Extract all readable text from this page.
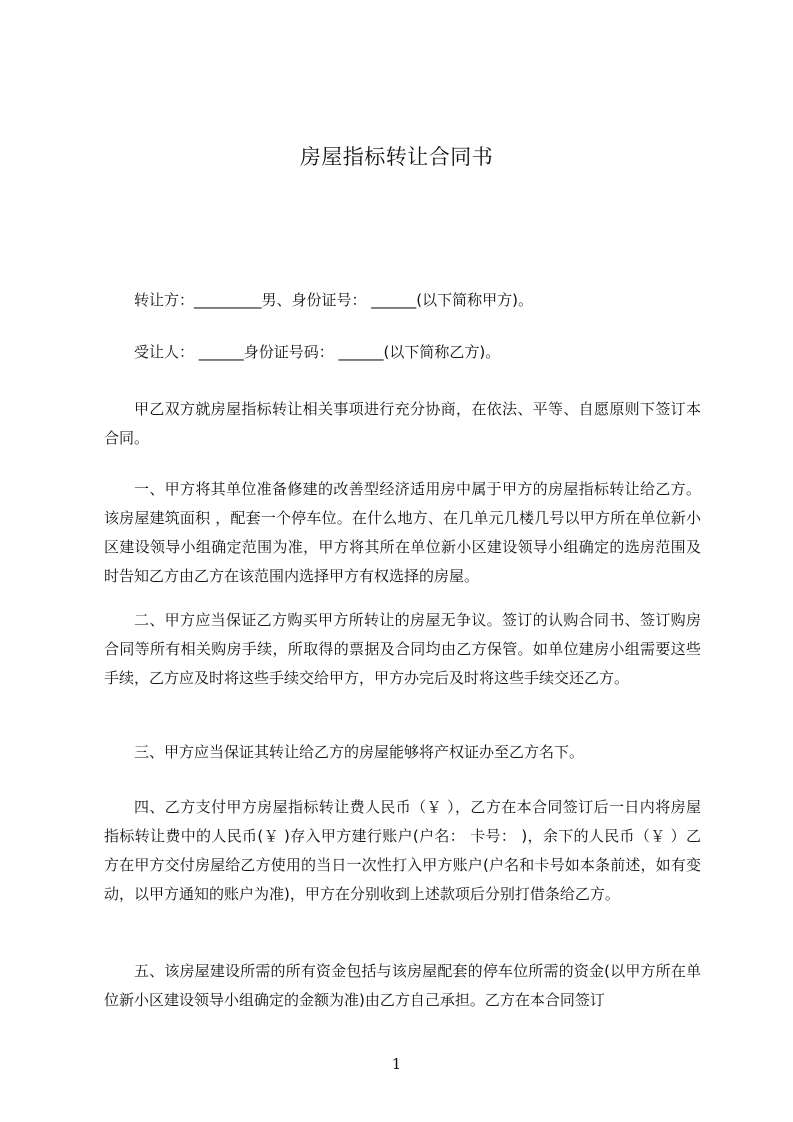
房屋指标转让合同书

转让方：_________男、身份证号： ______(以下简称甲方)。

受让人： ______身份证号码： ______(以下简称乙方)。

甲乙双方就房屋指标转让相关事项进行充分协商，在依法、平等、自愿原则下签订本合同。

一、甲方将其单位准备修建的改善型经济适用房中属于甲方的房屋指标转让给乙方。该房屋建筑面积 ，配套一个停车位。在什么地方、在几单元几楼几号以甲方所在单位新小区建设领导小组确定范围为准，甲方将其所在单位新小区建设领导小组确定的选房范围及时告知乙方由乙方在该范围内选择甲方有权选择的房屋。

二、甲方应当保证乙方购买甲方所转让的房屋无争议。签订的认购合同书、签订购房合同等所有相关购房手续，所取得的票据及合同均由乙方保管。如单位建房小组需要这些手续，乙方应及时将这些手续交给甲方，甲方办完后及时将这些手续交还乙方。

三、甲方应当保证其转让给乙方的房屋能够将产权证办至乙方名下。

四、乙方支付甲方房屋指标转让费人民币（￥ ），乙方在本合同签订后一日内将房屋指标转让费中的人民币(￥ )存入甲方建行账户(户名： 卡号： )，余下的人民币（￥ ）乙方在甲方交付房屋给乙方使用的当日一次性打入甲方账户(户名和卡号如本条前述，如有变动，以甲方通知的账户为准)，甲方在分别收到上述款项后分别打借条给乙方。

五、该房屋建设所需的所有资金包括与该房屋配套的停车位所需的资金(以甲方所在单位新小区建设领导小组确定的金额为准)由乙方自己承担。乙方在本合同签订

1
